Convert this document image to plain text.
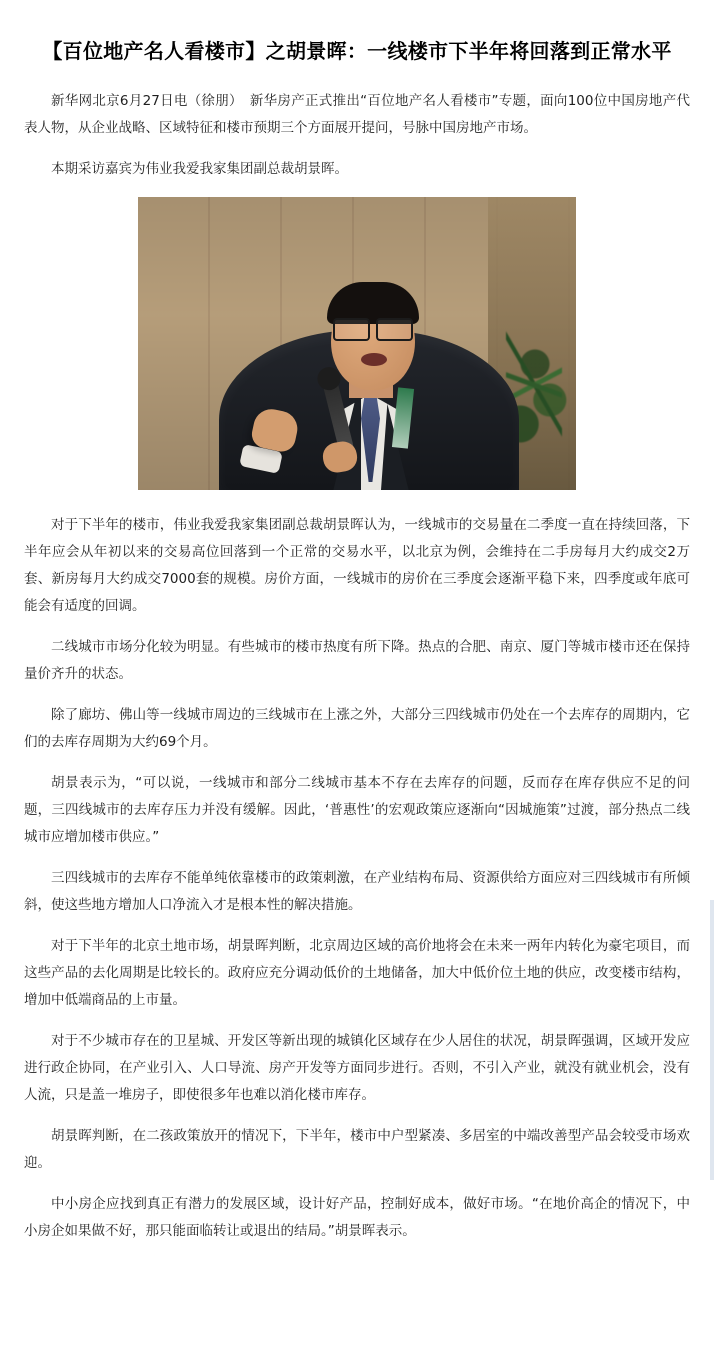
【百位地产名人看楼市】之胡景晖：一线楼市下半年将回落到正常水平

新华网北京6月27日电（徐朋）　新华房产正式推出“百位地产名人看楼市”专题，面向100位中国房地产代表人物，从企业战略、区域特征和楼市预期三个方面展开提问，号脉中国房地产市场。

本期采访嘉宾为伟业我爱我家集团副总裁胡景晖。

对于下半年的楼市，伟业我爱我家集团副总裁胡景晖认为，一线城市的交易量在二季度一直在持续回落，下半年应会从年初以来的交易高位回落到一个正常的交易水平，以北京为例，会维持在二手房每月大约成交2万套、新房每月大约成交7000套的规模。房价方面，一线城市的房价在三季度会逐渐平稳下来，四季度或年底可能会有适度的回调。

二线城市市场分化较为明显。有些城市的楼市热度有所下降。热点的合肥、南京、厦门等城市楼市还在保持量价齐升的状态。

除了廊坊、佛山等一线城市周边的三线城市在上涨之外，大部分三四线城市仍处在一个去库存的周期内，它们的去库存周期为大约69个月。

胡景表示为，“可以说，一线城市和部分二线城市基本不存在去库存的问题，反而存在库存供应不足的问题，三四线城市的去库存压力并没有缓解。因此，‘普惠性’的宏观政策应逐渐向“因城施策”过渡，部分热点二线城市应增加楼市供应。”

三四线城市的去库存不能单纯依靠楼市的政策刺激，在产业结构布局、资源供给方面应对三四线城市有所倾斜，使这些地方增加人口净流入才是根本性的解决措施。

对于下半年的北京土地市场，胡景晖判断，北京周边区域的高价地将会在未来一两年内转化为豪宅项目，而这些产品的去化周期是比较长的。政府应充分调动低价的土地储备，加大中低价位土地的供应，改变楼市结构，增加中低端商品的上市量。

对于不少城市存在的卫星城、开发区等新出现的城镇化区域存在少人居住的状况，胡景晖强调，区域开发应进行政企协同，在产业引入、人口导流、房产开发等方面同步进行。否则，不引入产业，就没有就业机会，没有人流，只是盖一堆房子，即使很多年也难以消化楼市库存。

胡景晖判断，在二孩政策放开的情况下，下半年，楼市中户型紧凑、多居室的中端改善型产品会较受市场欢迎。

中小房企应找到真正有潜力的发展区域，设计好产品，控制好成本，做好市场。“在地价高企的情况下，中小房企如果做不好，那只能面临转让或退出的结局。”胡景晖表示。
